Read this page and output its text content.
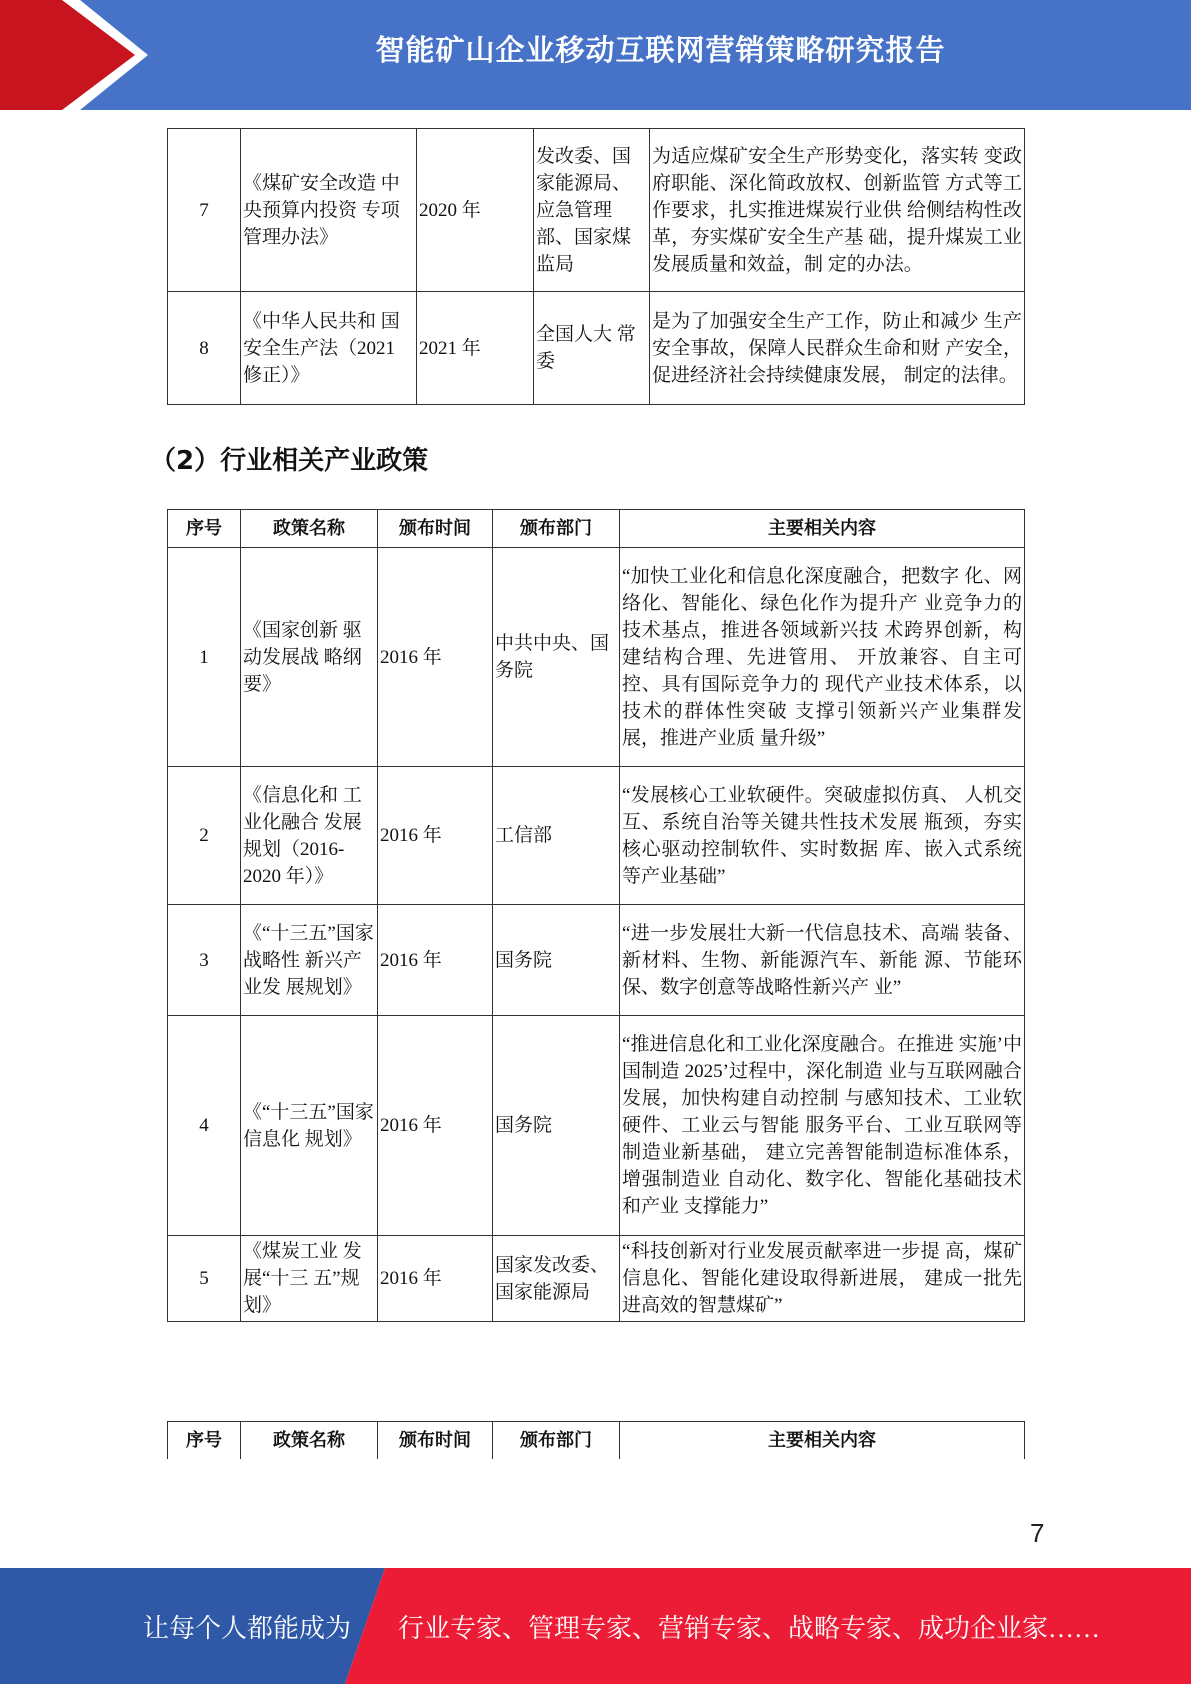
智能矿山企业移动互联网营销策略研究报告
7	《煤矿安全改造 中央预算内投资 专项管理办法》	2020 年	发改委、国家能源局、应急管理部、国家煤监局	为适应煤矿安全生产形势变化，落实转 变政府职能、深化简政放权、创新监管 方式等工作要求，扎实推进煤炭行业供 给侧结构性改革，夯实煤矿安全生产基 础，提升煤炭工业发展质量和效益，制 定的办法。
8	《中华人民共和 国安全生产法（2021 修正）》	2021 年	全国人大 常委	是为了加强安全生产工作，防止和减少 生产安全事故，保障人民群众生命和财 产安全，促进经济社会持续健康发展， 制定的法律。
（2）行业相关产业政策
序号	政策名称	颁布时间	颁布部门	主要相关内容
1	《国家创新 驱动发展战 略纲要》	2016 年	中共中央、国务院	“加快工业化和信息化深度融合，把数字 化、网络化、智能化、绿色化作为提升产 业竞争力的技术基点，推进各领域新兴技 术跨界创新，构建结构合理、先进管用、 开放兼容、自主可控、具有国际竞争力的 现代产业技术体系，以技术的群体性突破 支撑引领新兴产业集群发展，推进产业质 量升级”
2	《信息化和 工业化融合 发展规划（2016-2020 年）》	2016 年	工信部	“发展核心工业软硬件。突破虚拟仿真、 人机交互、系统自治等关键共性技术发展 瓶颈，夯实核心驱动控制软件、实时数据 库、嵌入式系统等产业基础”
3	《“十三五”国家战略性 新兴产业发 展规划》	2016 年	国务院	“进一步发展壮大新一代信息技术、高端 装备、新材料、生物、新能源汽车、新能 源、节能环保、数字创意等战略性新兴产 业”
4	《“十三五”国家信息化 规划》	2016 年	国务院	“推进信息化和工业化深度融合。在推进 实施’中国制造 2025’过程中，深化制造 业与互联网融合发展，加快构建自动控制 与感知技术、工业软硬件、工业云与智能 服务平台、工业互联网等制造业新基础， 建立完善智能制造标准体系，增强制造业 自动化、数字化、智能化基础技术和产业 支撑能力”
5	《煤炭工业 发展“十三 五”规划》	2016 年	国家发改委、国家能源局	“科技创新对行业发展贡献率进一步提 高，煤矿信息化、智能化建设取得新进展， 建成一批先进高效的智慧煤矿”
序号	政策名称	颁布时间	颁布部门	主要相关内容
7
让每个人都能成为 行业专家、管理专家、营销专家、战略专家、成功企业家……
